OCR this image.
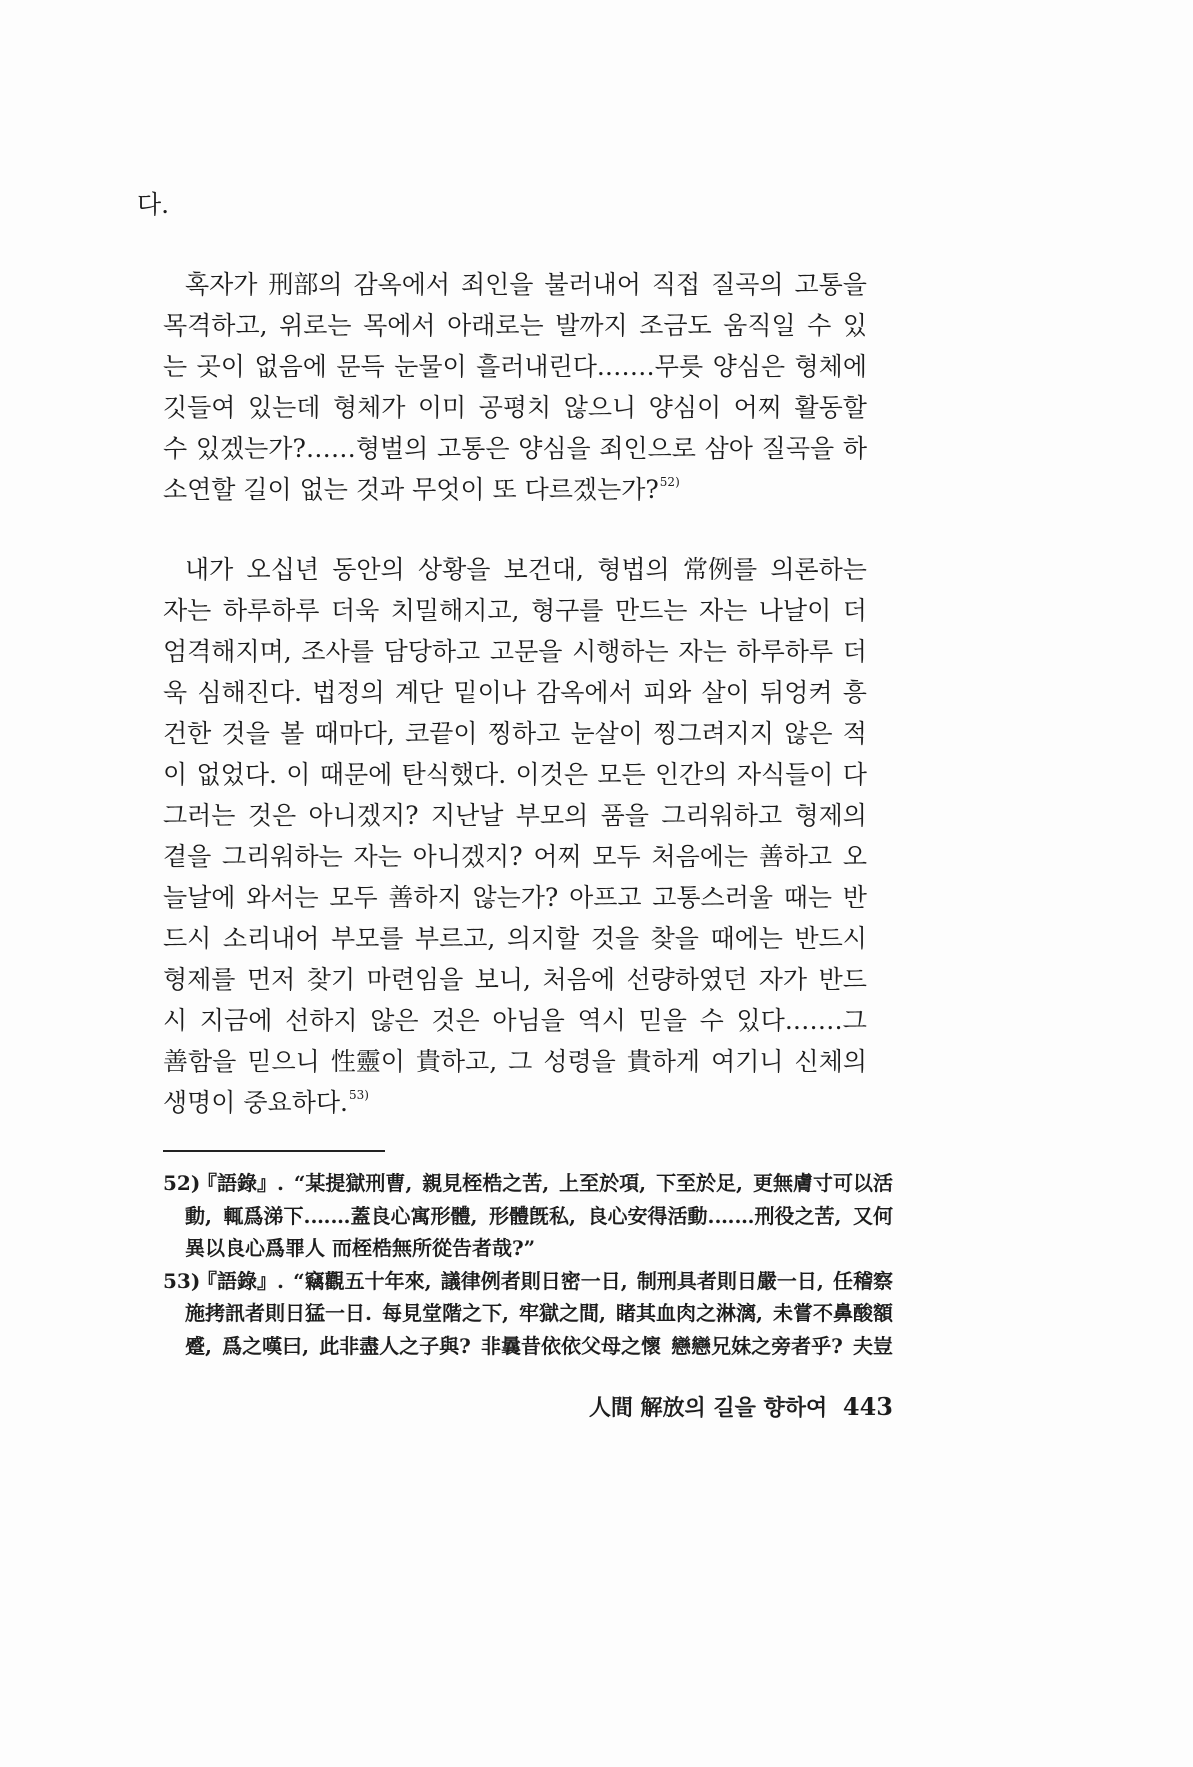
다.
혹자가 刑部의 감옥에서 죄인을 불러내어 직접 질곡의 고통을
목격하고, 위로는 목에서 아래로는 발까지 조금도 움직일 수 있
는 곳이 없음에 문득 눈물이 흘러내린다.……무릇 양심은 형체에
깃들여 있는데 형체가 이미 공평치 않으니 양심이 어찌 활동할
수 있겠는가?……형벌의 고통은 양심을 죄인으로 삼아 질곡을 하
소연할 길이 없는 것과 무엇이 또 다르겠는가?$^{52)}$
내가 오십년 동안의 상황을 보건대, 형법의 常例를 의론하는
자는 하루하루 더욱 치밀해지고, 형구를 만드는 자는 나날이 더
엄격해지며, 조사를 담당하고 고문을 시행하는 자는 하루하루 더
욱 심해진다. 법정의 계단 밑이나 감옥에서 피와 살이 뒤엉켜 흥
건한 것을 볼 때마다, 코끝이 찡하고 눈살이 찡그려지지 않은 적
이 없었다. 이 때문에 탄식했다. 이것은 모든 인간의 자식들이 다
그러는 것은 아니겠지? 지난날 부모의 품을 그리워하고 형제의
곁을 그리워하는 자는 아니겠지? 어찌 모두 처음에는 善하고 오
늘날에 와서는 모두 善하지 않는가? 아프고 고통스러울 때는 반
드시 소리내어 부모를 부르고, 의지할 것을 찾을 때에는 반드시
형제를 먼저 찾기 마련임을 보니, 처음에 선량하였던 자가 반드
시 지금에 선하지 않은 것은 아님을 역시 믿을 수 있다.……그
善함을 믿으니 性靈이 貴하고, 그 성령을 貴하게 여기니 신체의
생명이 중요하다.$^{53)}$
52)
『語錄』. “某提獄刑曹, 親見桎梏之苦, 上至於項, 下至於足, 更無膚寸可以活
動, 輒爲涕下.……蓋良心寓形體, 形體旣私, 良心安得活動.……刑役之苦, 又何
異以良心爲罪人 而桎梏無所從告者哉?”
53)
『語錄』. “竊觀五十年來, 議律例者則日密一日, 制刑具者則日嚴一日, 任稽察
施拷訊者則日猛一日. 每見堂階之下, 牢獄之間, 睹其血肉之淋漓, 未嘗不鼻酸額
蹙, 爲之嘆曰, 此非盡人之子與? 非曩昔依依父母之懷 戀戀兄妹之旁者乎? 夫豈
人間 解放의 길을 향하여 443
